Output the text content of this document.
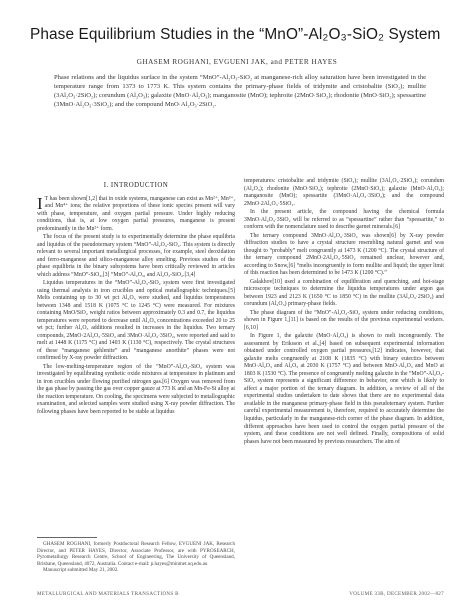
Phase Equilibrium Studies in the “MnO”-Al₂O₃-SiO₂ System
GHASEM ROGHANI, EVGUENI JAK, and PETER HAYES
Phase relations and the liquidus surface in the system “MnO”-Al₂O₃-SiO₂ at manganese-rich alloy saturation have been investigated in the temperature range from 1373 to 1773 K. This system contains the primary-phase fields of tridymite and cristobalite (SiO₂); mullite (3Al₂O₃·2SiO₂); corundum (Al₂O₃); galaxite (MnO·Al₂O₃); manganosite (MnO); tephroite (2MnO·SiO₂); rhodonite (MnO·SiO₂); spessartine (3MnO·Al₂O₃·3SiO₂); and the compound MnO·Al₂O₃·2SiO₂.
I. INTRODUCTION

I T has been shown[1,2] that in oxide systems, manganese can exist as Mn²⁺, Mn³⁺, and Mn⁴⁺ ions; the relative proportions of these ionic species present will vary with phase, temperature, and oxygen partial pressure. Under highly reducing conditions, that is, at low oxygen partial pressures, manganese is present predominantly in the Mn²⁺ form.

The focus of the present study is to experimentally determine the phase equilibria and liquidus of the pseudoternary system “MnO”-Al₂O₃-SiO₂. This system is directly relevant to several important metallurgical processes, for example, steel deoxidation and ferro-manganese and silico-manganese alloy smelting. Previous studies of the phase equilibria in the binary subsystems have been critically reviewed in articles which address “MnO”-SiO₂,[3] “MnO”-Al₂O₃, and Al₂O₃-SiO₂.[3,4]

Liquidus temperatures in the “MnO”-Al₂O₃-SiO₂ system were first investigated using thermal analysis in iron crucibles and optical metallographic techniques.[5] Melts containing up to 30 wt pct Al₂O₃ were studied, and liquidus temperatures between 1348 and 1518 K (1075 °C to 1245 °C) were measured. For mixtures containing MnO/SiO₂ weight ratios between approximately 0.3 and 0.7, the liquidus temperatures were reported to decrease until Al₂O₃ concentrations exceeded 20 to 25 wt pct; further Al₂O₃ additions resulted in increases in the liquidus. Two ternary compounds, 2MnO·2Al₂O₃·5SiO₂ and 3MnO·Al₂O₃·3SiO₂, were reported and said to melt at 1448 K (1175 °C) and 1403 K (1130 °C), respectively. The crystal structures of these “manganese gehlenite” and “manganese anorthite” phases were not confirmed by X-ray powder diffraction.

The low-melting-temperature region of the “MnO”-Al₂O₃-SiO₂ system was investigated by equilibrating synthetic oxide mixtures at temperature in platinum and in iron crucibles under flowing purified nitrogen gas.[6] Oxygen was removed from the gas phase by passing the gas over copper gauze at 773 K and an Mn-Fe-Si alloy at the reaction temperature. On cooling, the specimens were subjected to metallographic examination, and selected samples were studied using X-ray powder diffraction. The following phases have been reported to be stable at liquidus

temperatures: cristobalite and tridymite (SiO₂); mullite (3Al₂O₃·2SiO₂); corundum (Al₂O₃); rhodonite (MnO·SiO₂); tephroite (2MnO·SiO₂); galaxite (MnO·Al₂O₃); manganosite (MnO); spessartite (3MnO·Al₂O₃·3SiO₂); and the compound 2MnO·2Al₂O₃·5SiO₂.

In the present article, the compound having the chemical formula 3MnO·Al₂O₃·3SiO₂ will be referred to as “spessartine” rather than “spessartite,” to conform with the nomenclature used to describe garnet minerals.[6]

The ternary compound 3MnO·Al₂O₃·3SiO₂ was shown[6] by X-ray powder diffraction studies to have a crystal structure resembling natural garnet and was thought to “probably” melt congruently at 1473 K (1200 °C). The crystal structure of the ternary compound 2MnO·2Al₂O₃·5SiO₂ remained unclear, however and, according to Snow,[6] “melts incongruently to form mullite and liquid; the upper limit of this reaction has been determined to be 1473 K (1200 °C).”

Galakhov[10] used a combination of equilibration and quenching, and hot-stage microscope techniques to determine the liquidus temperatures under argon gas between 1923 and 2123 K (1650 °C to 1850 °C) in the mullite (3Al₂O₃·2SiO₂) and corundum (Al₂O₃) primary-phase fields.

The phase diagram of the “MnO”-Al₂O₃-SiO₂ system under reducing conditions, shown in Figure 1,[11] is based on the results of the previous experimental workers.[6,10]

In Figure 1, the galaxite (MnO·Al₂O₃) is shown to melt incongruently. The assessment by Eriksson et al.,[4] based on subsequent experimental information obtained under controlled oxygen partial pressures,[12] indicates, however, that galaxite melts congruently at 2108 K (1835 °C) with binary eutectics between MnO·Al₂O₃ and Al₂O₃ at 2030 K (1757 °C) and between MnO·Al₂O₃ and MnO at 1803 K (1530 °C). The presence of congruently melting galaxite in the “MnO”-Al₂O₃-SiO₂ system represents a significant difference in behavior, one which is likely to affect a major portion of the ternary diagram. In addition, a review of all of the experimental studies undertaken to date shows that there are no experimental data available in the manganese primary-phase field in this pseudoternary system. Further careful experimental measurement is, therefore, required to accurately determine the liquidus, particularly in the manganese-rich corner of the phase diagram. In addition, different approaches have been used to control the oxygen partial pressure of the system, and these conditions are not well defined. Finally, compositions of solid phases have not been measured by previous researchers. The aim of

GHASEM ROGHANI, formerly Postdoctoral Research Fellow, EVGUENI JAK, Research Director, and PETER HAYES, Director, Associate Professor, are with PYROSEARCH, Pyrometallurgy Research Centre, School of Engineering, The University of Queensland, Brisbane, Queensland, 4072, Australia. Contact e-mail: p.hayes@minmet.uq.edu.au

Manuscript submitted May 21, 2002.

METALLURGICAL AND MATERIALS TRANSACTIONS B	VOLUME 33B, DECEMBER 2002—827
